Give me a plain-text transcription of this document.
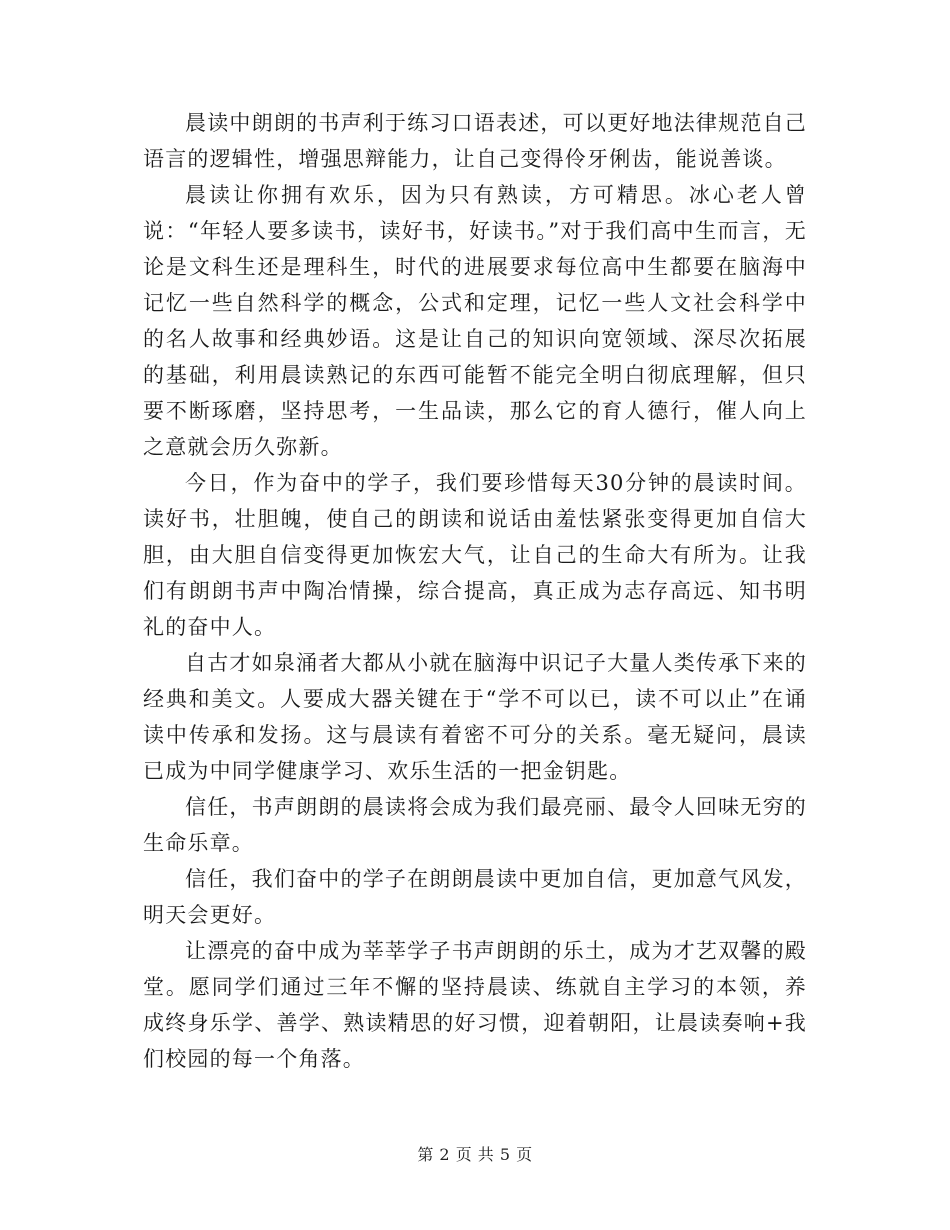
晨读中朗朗的书声利于练习口语表述，可以更好地法律规范自己语言的逻辑性，增强思辩能力，让自己变得伶牙俐齿，能说善谈。

晨读让你拥有欢乐，因为只有熟读，方可精思。冰心老人曾说：“年轻人要多读书，读好书，好读书。”对于我们高中生而言，无论是文科生还是理科生，时代的进展要求每位高中生都要在脑海中记忆一些自然科学的概念，公式和定理，记忆一些人文社会科学中的名人故事和经典妙语。这是让自己的知识向宽领域、深尽次拓展的基础，利用晨读熟记的东西可能暂不能完全明白彻底理解，但只要不断琢磨，坚持思考，一生品读，那么它的育人德行，催人向上之意就会历久弥新。

今日，作为奋中的学子，我们要珍惜每天30分钟的晨读时间。读好书，壮胆魄，使自己的朗读和说话由羞怯紧张变得更加自信大胆，由大胆自信变得更加恢宏大气，让自己的生命大有所为。让我们有朗朗书声中陶冶情操，综合提高，真正成为志存高远、知书明礼的奋中人。

自古才如泉涌者大都从小就在脑海中识记子大量人类传承下来的经典和美文。人要成大器关键在于“学不可以已，读不可以止”在诵读中传承和发扬。这与晨读有着密不可分的关系。毫无疑问，晨读已成为中同学健康学习、欢乐生活的一把金钥匙。

信任，书声朗朗的晨读将会成为我们最亮丽、最令人回味无穷的生命乐章。

信任，我们奋中的学子在朗朗晨读中更加自信，更加意气风发，明天会更好。

让漂亮的奋中成为莘莘学子书声朗朗的乐土，成为才艺双馨的殿堂。愿同学们通过三年不懈的坚持晨读、练就自主学习的本领，养成终身乐学、善学、熟读精思的好习惯，迎着朝阳，让晨读奏响+我们校园的每一个角落。

第 2 页 共 5 页
